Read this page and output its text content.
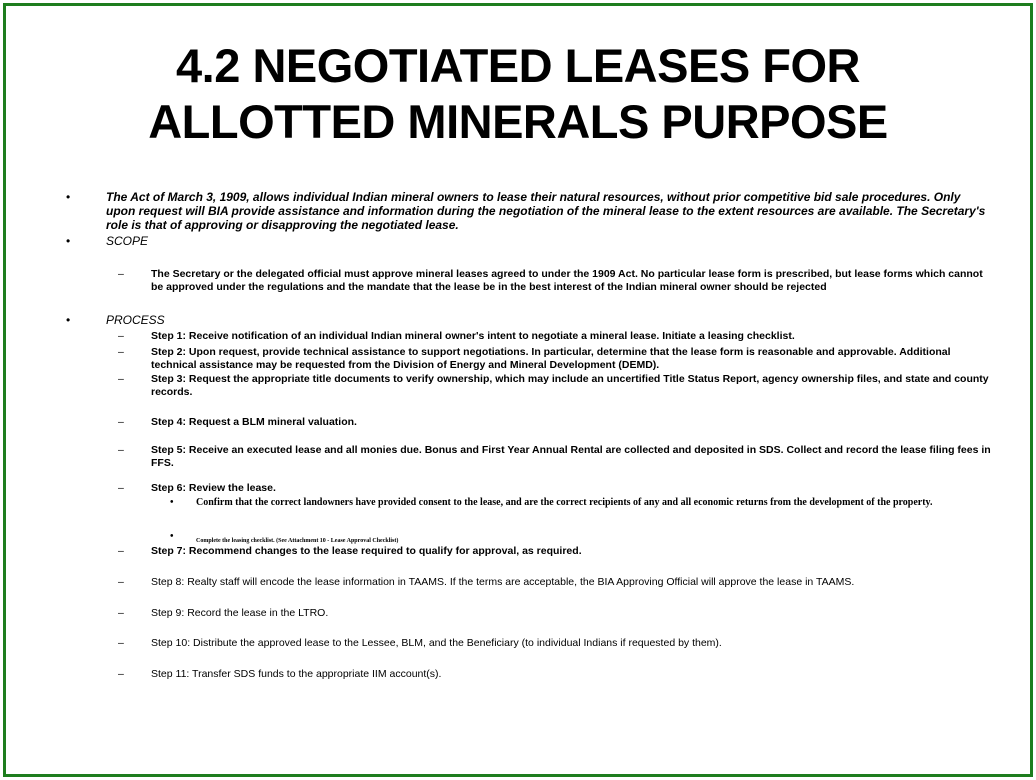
4.2 NEGOTIATED LEASES FOR
ALLOTTED MINERALS PURPOSE
•	The Act of March 3, 1909, allows individual Indian mineral owners to lease their natural resources, without prior competitive bid sale procedures. Only upon request will BIA provide assistance and information during the negotiation of the mineral lease to the extent resources are available. The Secretary's role is that of approving or disapproving the negotiated lease.
•	SCOPE
–	The Secretary or the delegated official must approve mineral leases agreed to under the 1909 Act. No particular lease form is prescribed, but lease forms which cannot be approved under the regulations and the mandate that the lease be in the best interest of the Indian mineral owner should be rejected
•	PROCESS
–	Step 1: Receive notification of an individual Indian mineral owner's intent to negotiate a mineral lease. Initiate a leasing checklist.
–	Step 2: Upon request, provide technical assistance to support negotiations. In particular, determine that the lease form is reasonable and approvable. Additional technical assistance may be requested from the Division of Energy and Mineral Development (DEMD).
–	Step 3: Request the appropriate title documents to verify ownership, which may include an uncertified Title Status Report, agency ownership files, and state and county records.
–	Step 4: Request a BLM mineral valuation.
–	Step 5: Receive an executed lease and all monies due. Bonus and First Year Annual Rental are collected and deposited in SDS. Collect and record the lease filing fees in FFS.
–	Step 6: Review the lease.
• Confirm that the correct landowners have provided consent to the lease, and are the correct recipients of any and all economic returns from the development of the property.
•	Complete the leasing checklist. (See Attachment 10 - Lease Approval Checklist)
–	Step 7: Recommend changes to the lease required to qualify for approval, as required.
–	Step 8: Realty staff will encode the lease information in TAAMS. If the terms are acceptable, the BIA Approving Official will approve the lease in TAAMS.
–	Step 9: Record the lease in the LTRO.
–	Step 10: Distribute the approved lease to the Lessee, BLM, and the Beneficiary (to individual Indians if requested by them).
–	Step 11: Transfer SDS funds to the appropriate IIM account(s).
